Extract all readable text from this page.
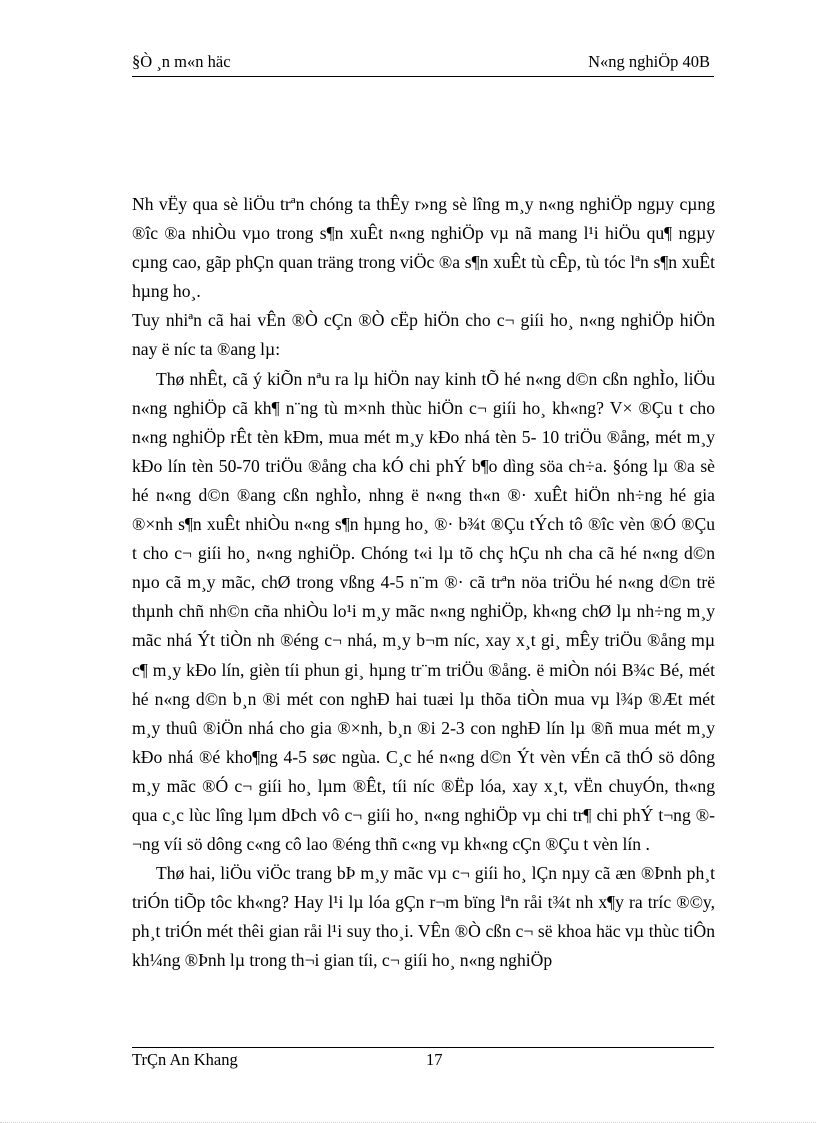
§Ò ¸n m«n häc	N«ng nghiÖp 40B

Nh vËy qua sè liÖu trªn chóng ta thÊy r»ng sè lîng m¸y n«ng nghiÖp ngµy cµng ®îc ®a nhiÒu vµo trong s¶n xuÊt n«ng nghiÖp vµ nã mang l¹i hiÖu qu¶ ngµy cµng cao, gãp phÇn quan träng trong viÖc ®a s¶n xuÊt tù cÊp, tù tóc lªn s¶n xuÊt hµng ho¸.

Tuy nhiªn cã hai vÊn ®Ò cÇn ®Ò cËp hiÖn cho c¬ giíi ho¸ n«ng nghiÖp hiÖn nay ë níc ta ®ang lµ:

Thø nhÊt, cã ý kiÕn nªu ra lµ hiÖn nay kinh tÕ hé n«ng d©n cßn nghÌo, liÖu n«ng nghiÖp cã kh¶ n¨ng tù m×nh thùc hiÖn c¬ giíi ho¸ kh«ng? V× ®Çu t cho n«ng nghiÖp rÊt tèn kÐm, mua mét m¸y kÐo nhá tèn 5- 10 triÖu ®ång, mét m¸y kÐo lín tèn 50-70 triÖu ®ång cha kÓ chi phÝ b¶o dìng söa ch÷a. §óng lµ ®a sè hé n«ng d©n ®ang cßn nghÌo, nhng ë n«ng th«n ®· xuÊt hiÖn nh÷ng hé gia ®×nh s¶n xuÊt nhiÒu n«ng s¶n hµng ho¸ ®· b¾t ®Çu tÝch tô ®îc vèn ®Ó ®Çu t cho c¬ giíi ho¸ n«ng nghiÖp. Chóng t«i lµ tõ chç hÇu nh cha cã hé n«ng d©n nµo cã m¸y mãc, chØ trong vßng 4-5 n¨m ®· cã trªn nöa triÖu hé n«ng d©n trë thµnh chñ nh©n cña nhiÒu lo¹i m¸y mãc n«ng nghiÖp, kh«ng chØ lµ nh÷ng m¸y mãc nhá Ýt tiÒn nh ®éng c¬ nhá, m¸y b¬m níc, xay x¸t gi¸ mÊy triÖu ®ång mµ c¶ m¸y kÐo lín, gièn tíi phun gi¸ hµng tr¨m triÖu ®ång. ë miÒn nói B¾c Bé, mét hé n«ng d©n b¸n ®i mét con nghÐ hai tuæi lµ thõa tiÒn mua vµ l¾p ®Æt mét m¸y thuû ®iÖn nhá cho gia ®×nh, b¸n ®i 2-3 con nghÐ lín lµ ®ñ mua mét m¸y kÐo nhá ®é kho¶ng 4-5 søc ngùa. C¸c hé n«ng d©n Ýt vèn vÉn cã thÓ sö dông m¸y mãc ®Ó c¬ giíi ho¸ lµm ®Êt, tíi níc ®Ëp lóa, xay x¸t, vËn chuyÓn, th«ng qua c¸c lùc lîng lµm dÞch vô c¬ giíi ho¸ n«ng nghiÖp vµ chi tr¶ chi phÝ t¬ng ®¬ng víi sö dông c«ng cô lao ®éng thñ c«ng vµ kh«ng cÇn ®Çu t vèn lín .

Thø hai, liÖu viÖc trang bÞ m¸y mãc vµ c¬ giíi ho¸ lÇn nµy cã æn ®Þnh ph¸t triÓn tiÕp tôc kh«ng? Hay l¹i lµ lóa gÇn r¬m bïng lªn råi t¾t nh x¶y ra tríc ®©y, ph¸t triÓn mét thêi gian råi l¹i suy tho¸i. VÊn ®Ò cßn c¬ së khoa häc vµ thùc tiÔn kh¼ng ®Þnh lµ trong th¬i gian tíi, c¬ giíi ho¸ n«ng nghiÖp

TrÇn An Khang	17
